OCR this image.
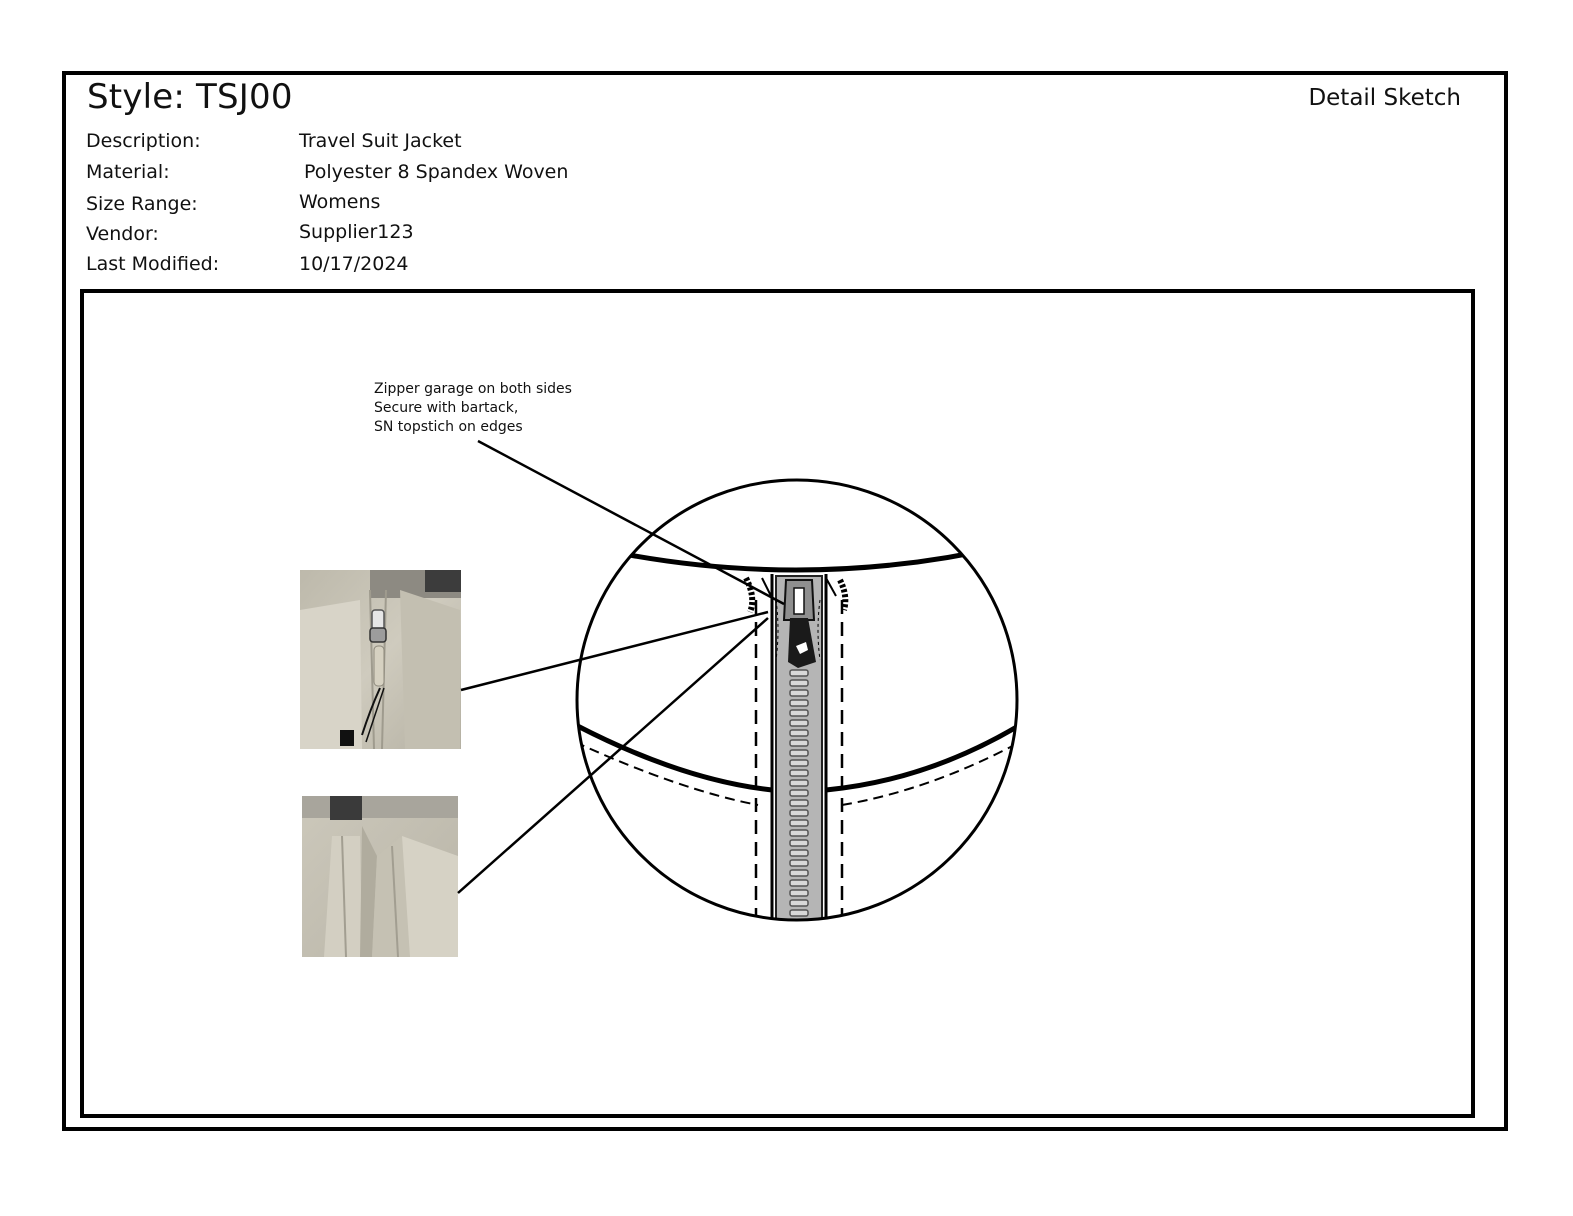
Style: TSJ00	Detail Sketch
Description:	Travel Suit Jacket
Material:	Polyester 8 Spandex Woven
Size Range:	Womens
Vendor:	Supplier123
Last Modified:	10/17/2024
Zipper garage on both sides
Secure with bartack,
SN topstich on edges
